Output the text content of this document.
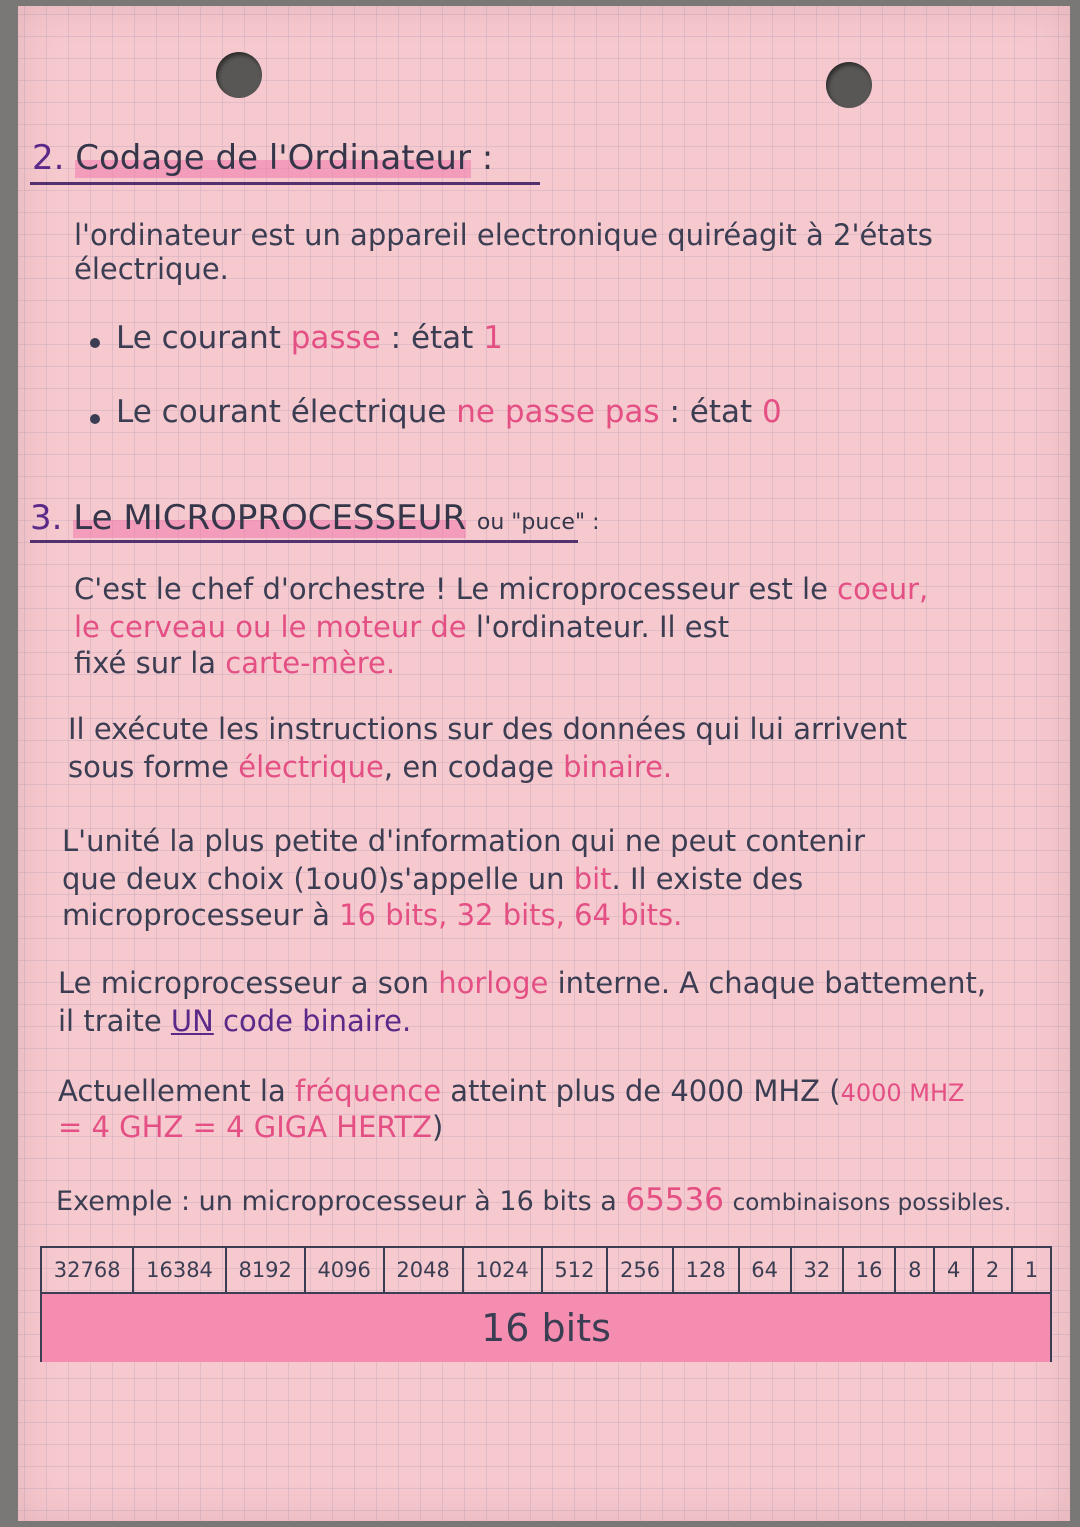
2. Codage de l'Ordinateur :
l'ordinateur est un appareil electronique quiréagit à 2'états
électrique.
Le courant passe : état 1
Le courant électrique ne passe pas : état 0
3. Le MICROPROCESSEUR ou "puce" :
C'est le chef d'orchestre ! Le microprocesseur est le coeur,
le cerveau ou le moteur de l'ordinateur. Il est
fixé sur la carte-mère.
Il exécute les instructions sur des données qui lui arrivent
sous forme électrique, en codage binaire.
L'unité la plus petite d'information qui ne peut contenir
que deux choix (1ou0)s'appelle un bit. Il existe des
microprocesseur à 16 bits, 32 bits, 64 bits.
Le microprocesseur a son horloge interne. A chaque battement,
il traite UN code binaire.
Actuellement la fréquence atteint plus de 4000 MHZ (4000 MHZ
= 4 GHZ = 4 GIGA HERTZ)
Exemple : un microprocesseur à 16 bits a 65536 combinaisons possibles.
32768	16384	8192	4096	2048	1024	512	256	128	64	32	16	8	4	2	1
16 bits
